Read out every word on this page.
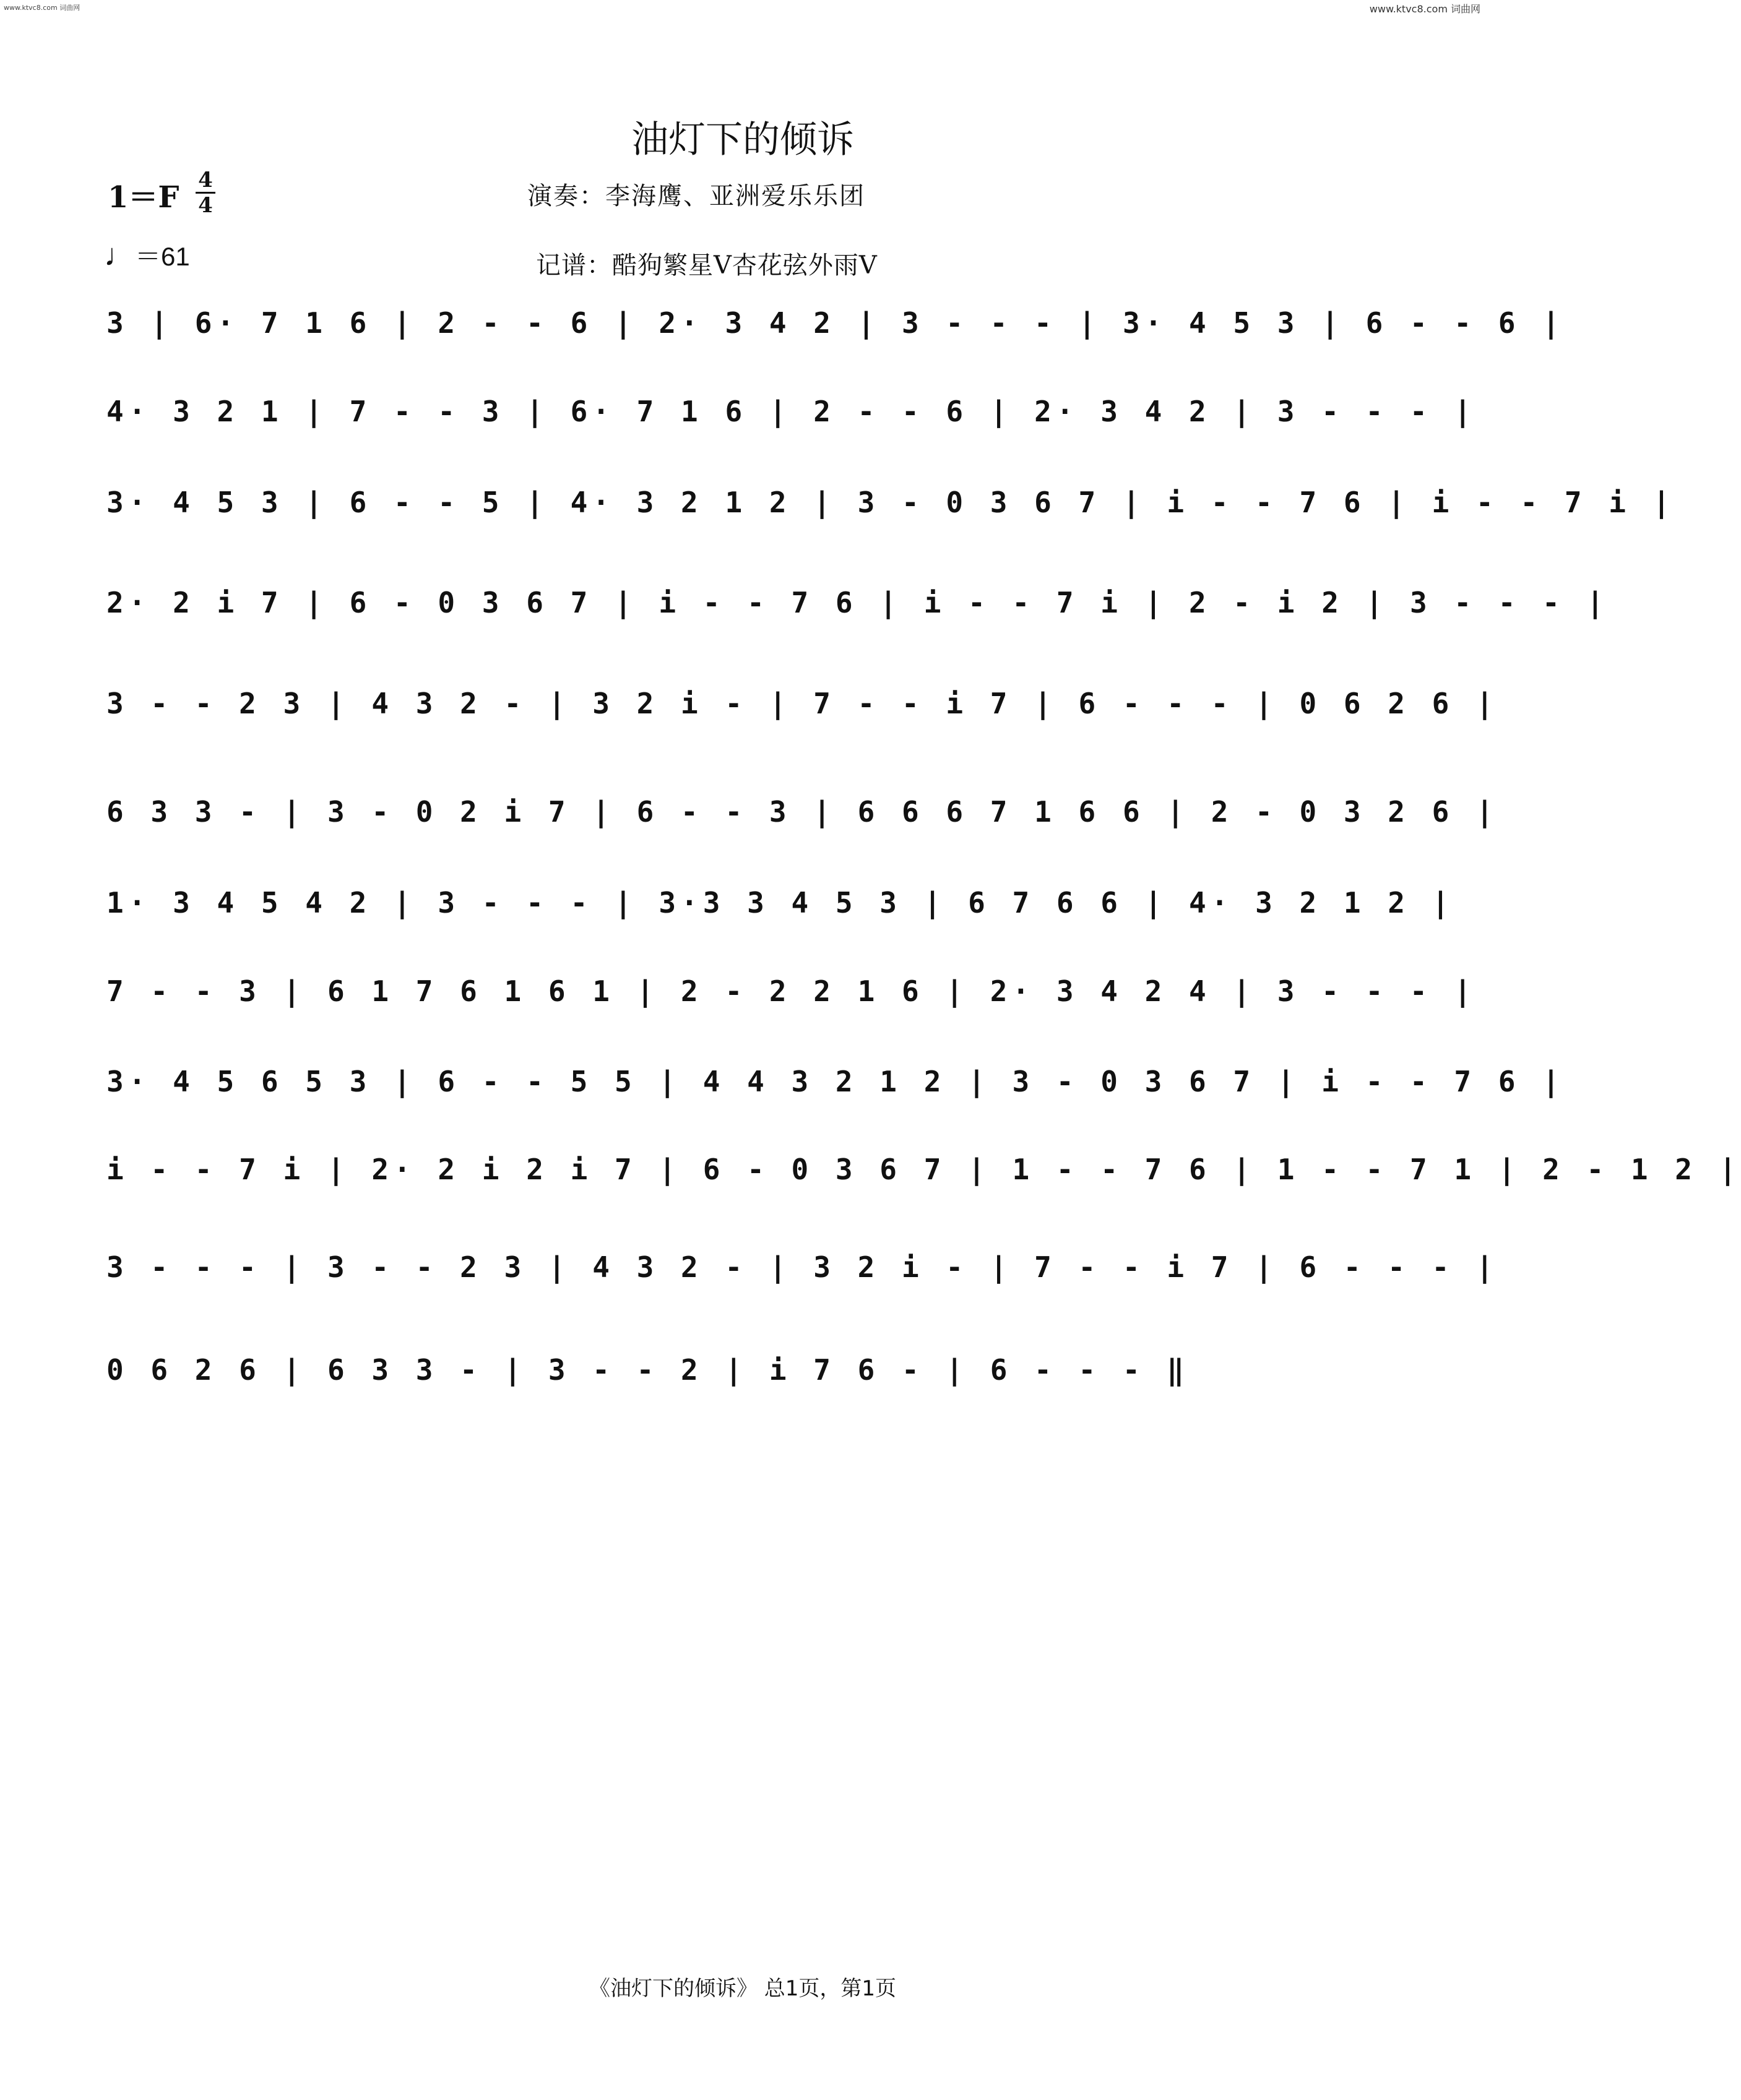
www.ktvc8.com 词曲网	www.ktvc8.com 词曲网
油灯下的倾诉
1＝F 4
4
♩＝61
演奏：李海鹰、亚洲爱乐乐团
记谱：酷狗繁星V杏花弦外雨V
3 | 6· 7 1 6 | 2 - - 6 | 2· 3 4 2 | 3 - - - | 3· 4 5 3 | 6 - - 6 |
4· 3 2 1 | 7 - - 3 | 6· 7 1 6 | 2 - - 6 | 2· 3 4 2 | 3 - - - |
3· 4 5 3 | 6 - - 5 | 4· 3 2 1 2 | 3 - 0 3 6 7 | i - - 7 6 | i - - 7 i |
2· 2 i 7 | 6 - 0 3 6 7 | i - - 7 6 | i - - 7 i | 2 - i 2 | 3 - - - |
3 - - 2 3 | 4 3 2 - | 3 2 i - | 7 - - i 7 | 6 - - - | 0 6 2 6 |
6 3 3 - | 3 - 0 2 i 7 | 6 - - 3 | 6 6 6 7 1 6 6 | 2 - 0 3 2 6 |
1· 3 4 5 4 2 | 3 - - - | 3·3 3 4 5 3 | 6 7 6 6 | 4· 3 2 1 2 |
7 - - 3 | 6 1 7 6 1 6 1 | 2 - 2 2 1 6 | 2· 3 4 2 4 | 3 - - - |
3· 4 5 6 5 3 | 6 - - 5 5 | 4 4 3 2 1 2 | 3 - 0 3 6 7 | i - - 7 6 |
i - - 7 i | 2· 2 i 2 i 7 | 6 - 0 3 6 7 | 1 - - 7 6 | 1 - - 7 1 | 2 - 1 2 |
3 - - - | 3 - - 2 3 | 4 3 2 - | 3 2 i - | 7 - - i 7 | 6 - - - |
0 6 2 6 | 6 3 3 - | 3 - - 2 | i 7 6 - | 6 - - - ‖
《油灯下的倾诉》 总1页，第1页
